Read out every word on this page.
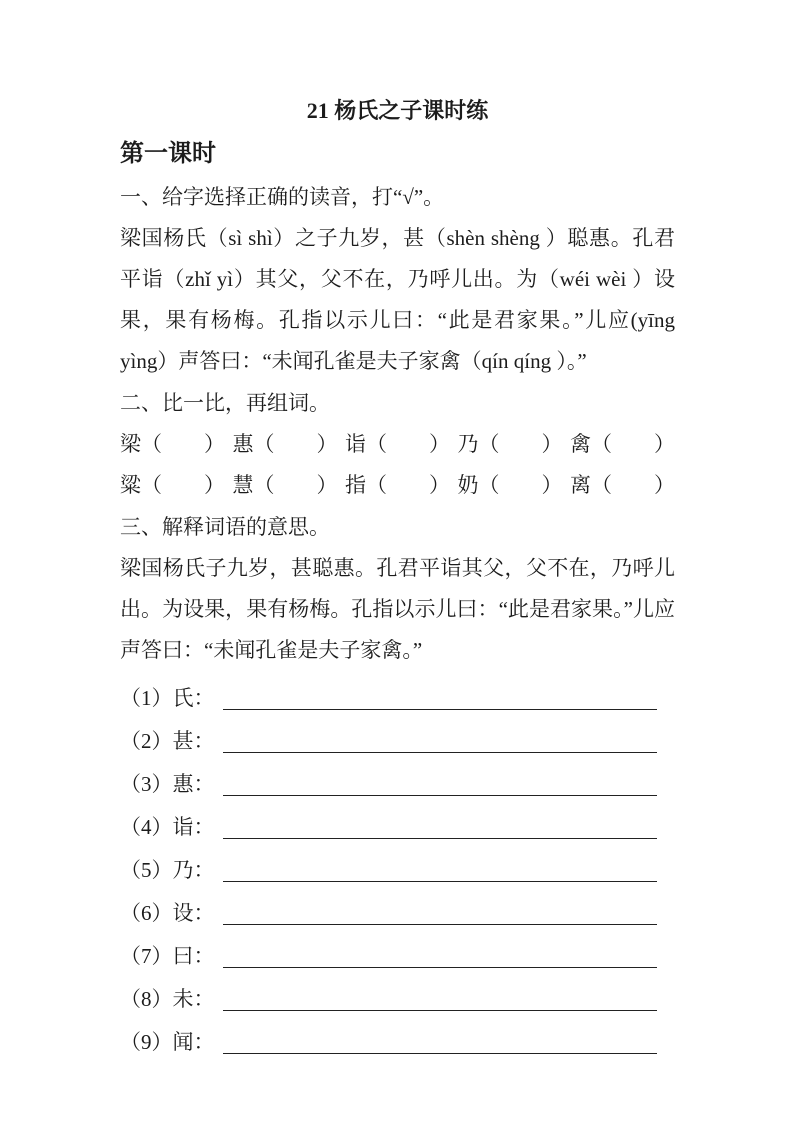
21 杨氏之子课时练
第一课时

一、给字选择正确的读音，打“√”。

梁国杨氏（sì shì）之子九岁，甚（shèn shèng ）聪惠。孔君平诣（zhǐ yì）其父，父不在，乃呼儿出。为（wéi wèi ）设果，果有杨梅。孔指以示儿曰：“此是君家果。”儿应(yīng yìng）声答曰：“未闻孔雀是夫子家禽（qín qíng ）。”

二、比一比，再组词。

梁（　　） 惠（　　） 诣（　　） 乃（　　） 禽（　　）
粱（　　） 慧（　　） 指（　　） 奶（　　） 离（　　）

三、解释词语的意思。

梁国杨氏子九岁，甚聪惠。孔君平诣其父，父不在，乃呼儿出。为设果，果有杨梅。孔指以示儿曰：“此是君家果。”儿应声答曰：“未闻孔雀是夫子家禽。”

（1）氏：
（2）甚：
（3）惠：
（4）诣：
（5）乃：
（6）设：
（7）曰：
（8）未：
（9）闻：
